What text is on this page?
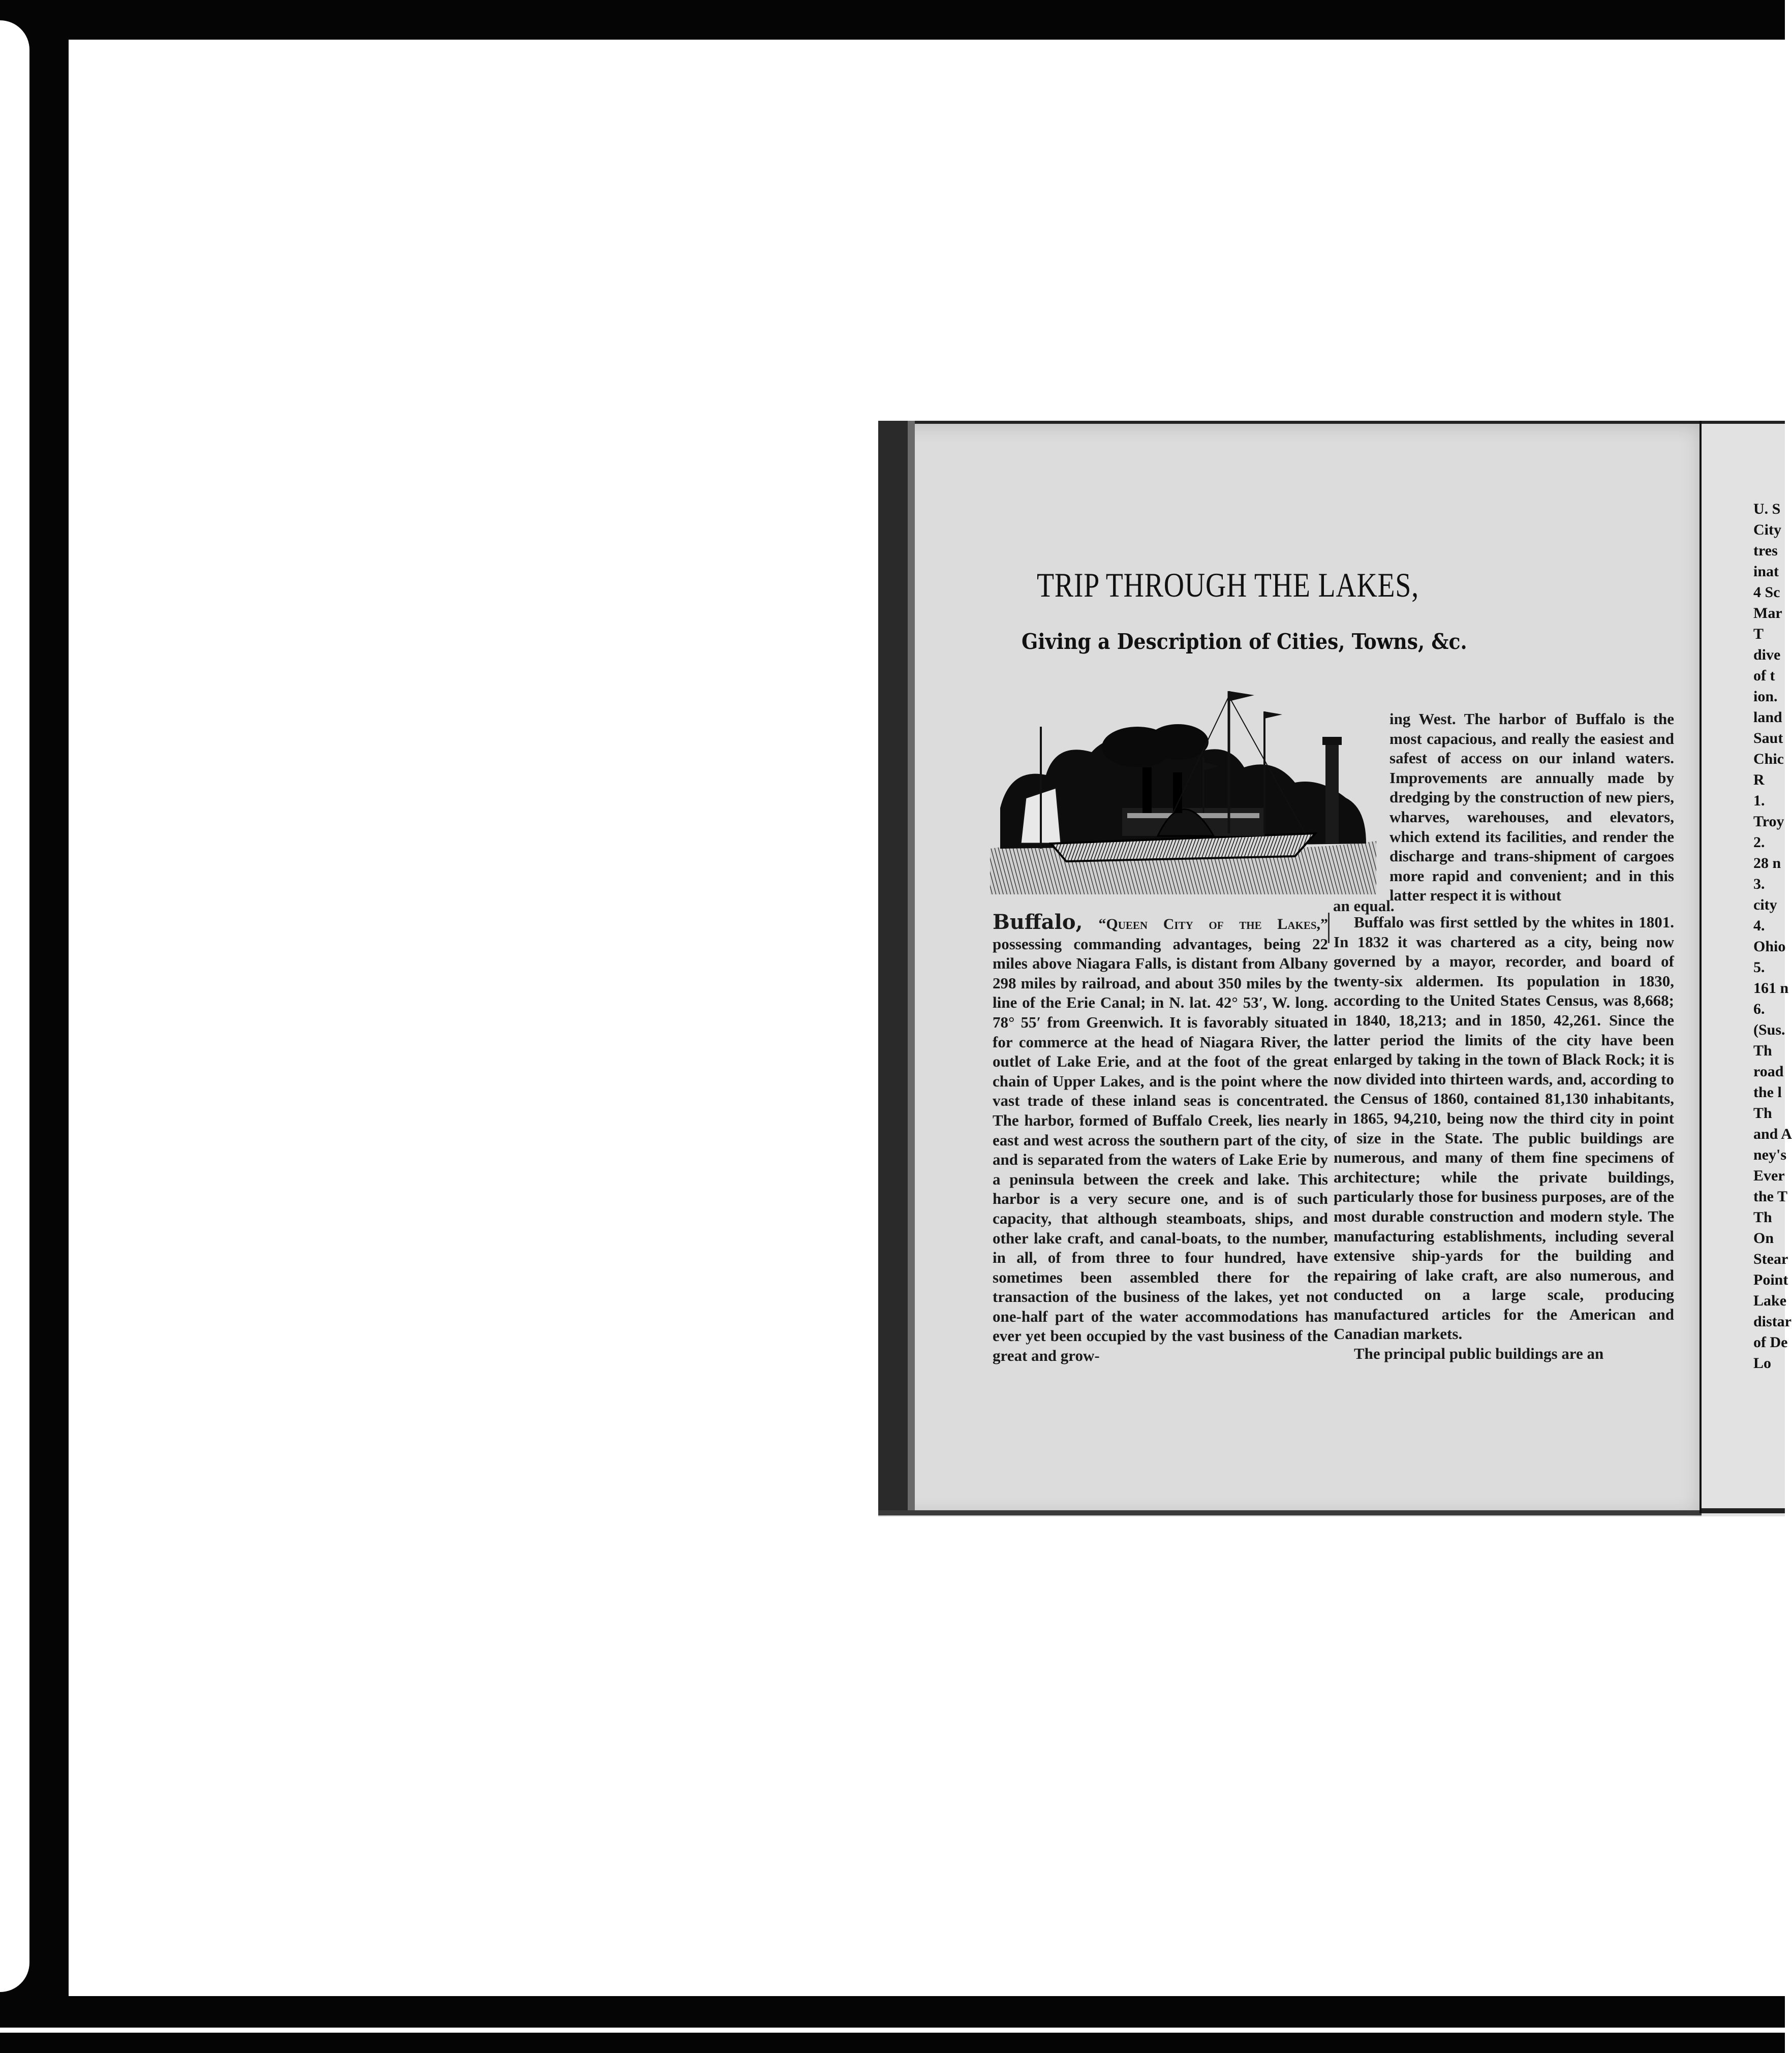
U. S
City
tres
inat
4 Sc
Mar
T
dive
of t
ion.
land
Saut
Chic
R
1.
Troy
2.
28 n
3.
city
4.
Ohio
5.
161 n
6.
(Sus.
Th
road
the l
Th
and A
ney's
Ever
the T
Th
On
Stear
Point
Lake
distar
of De
Lo
TRIP THROUGH THE LAKES,
Giving a Description of Cities, Towns, &c.

ing West. The harbor of Buffalo is the most capacious, and really the easiest and safest of access on our inland waters. Improvements are annually made by dredging by the construction of new piers, wharves, warehouses, and elevators, which extend its facilities, and render the discharge and trans-shipment of cargoes more rapid and convenient; and in this latter respect it is without

an equal.

Buffalo, “Queen City of the Lakes,” possessing commanding advantages, being 22 miles above Niagara Falls, is distant from Albany 298 miles by railroad, and about 350 miles by the line of the Erie Canal; in N. lat. 42° 53′, W. long. 78° 55′ from Greenwich. It is favorably situated for commerce at the head of Niagara River, the outlet of Lake Erie, and at the foot of the great chain of Upper Lakes, and is the point where the vast trade of these inland seas is concentrated. The harbor, formed of Buffalo Creek, lies nearly east and west across the southern part of the city, and is separated from the waters of Lake Erie by a peninsula between the creek and lake. This harbor is a very secure one, and is of such capacity, that although steamboats, ships, and other lake craft, and canal-boats, to the number, in all, of from three to four hundred, have sometimes been assembled there for the transaction of the business of the lakes, yet not one-half part of the water accommodations has ever yet been occupied by the vast business of the great and grow-

Buffalo was first settled by the whites in 1801. In 1832 it was chartered as a city, being now governed by a mayor, recorder, and board of twenty-six aldermen. Its population in 1830, according to the United States Census, was 8,668; in 1840, 18,213; and in 1850, 42,261. Since the latter period the limits of the city have been enlarged by taking in the town of Black Rock; it is now divided into thirteen wards, and, according to the Census of 1860, contained 81,130 inhabitants, in 1865, 94,210, being now the third city in point of size in the State. The public buildings are numerous, and many of them fine specimens of architecture; while the private buildings, particularly those for business purposes, are of the most durable construction and modern style. The manufacturing establishments, including several extensive ship-yards for the building and repairing of lake craft, are also numerous, and conducted on a large scale, producing manufactured articles for the American and Canadian markets.

The principal public buildings are an
